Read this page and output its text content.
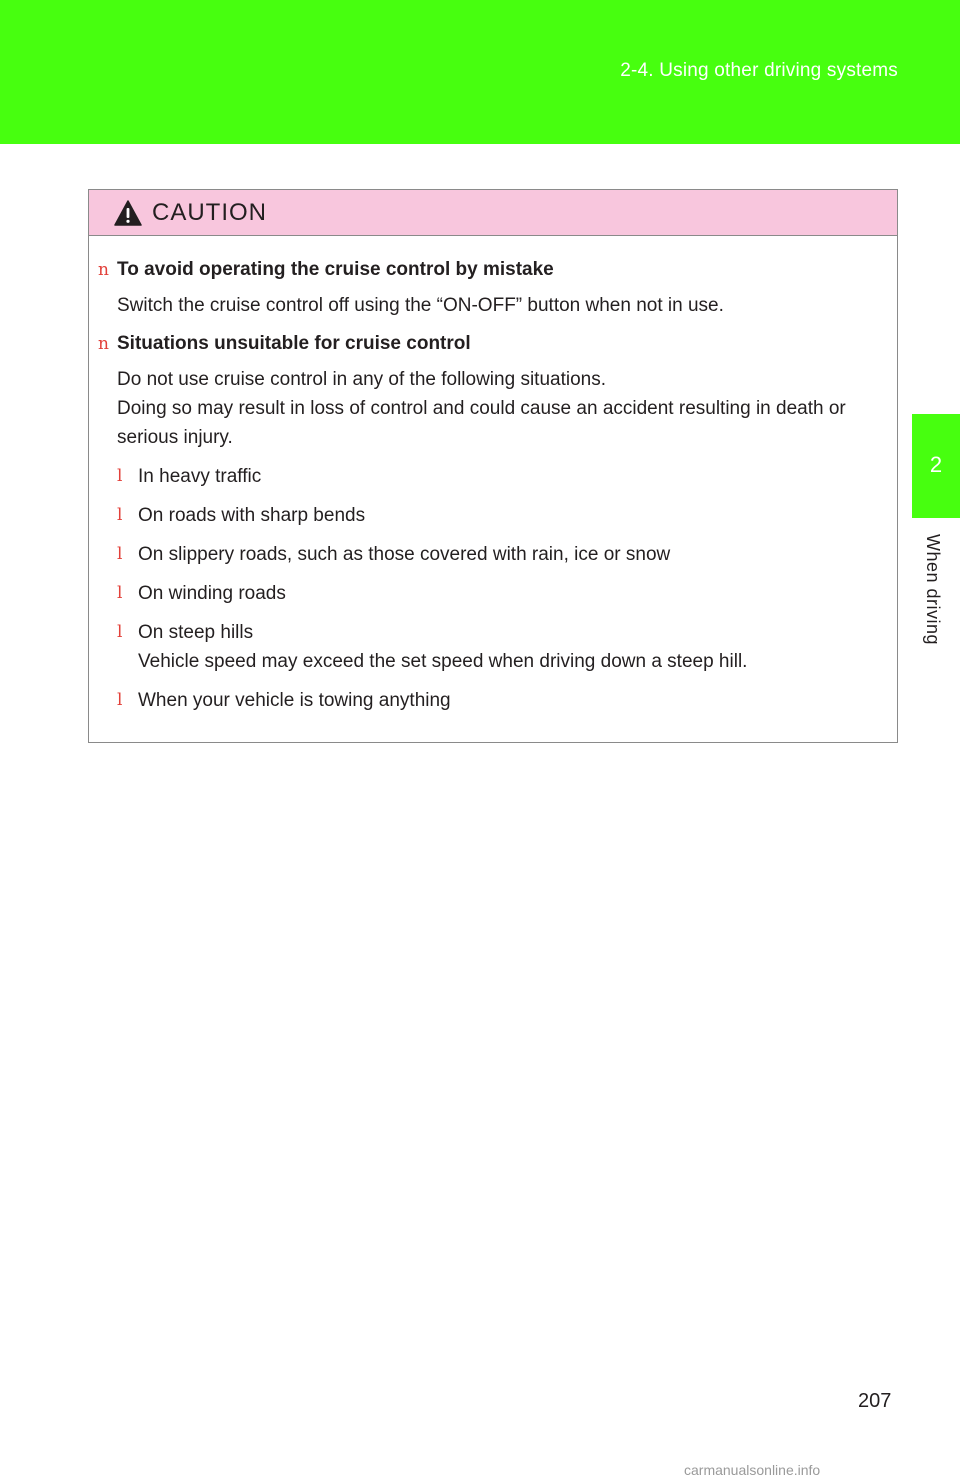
2-4. Using other driving systems
2
When driving
CAUTION
n To avoid operating the cruise control by mistake
Switch the cruise control off using the “ON-OFF” button when not in use.
n Situations unsuitable for cruise control
Do not use cruise control in any of the following situations.
Doing so may result in loss of control and could cause an accident resulting in death or serious injury.
l In heavy traffic
l On roads with sharp bends
l On slippery roads, such as those covered with rain, ice or snow
l On winding roads
l On steep hills
Vehicle speed may exceed the set speed when driving down a steep hill.
l When your vehicle is towing anything
207
carmanualsonline.info
